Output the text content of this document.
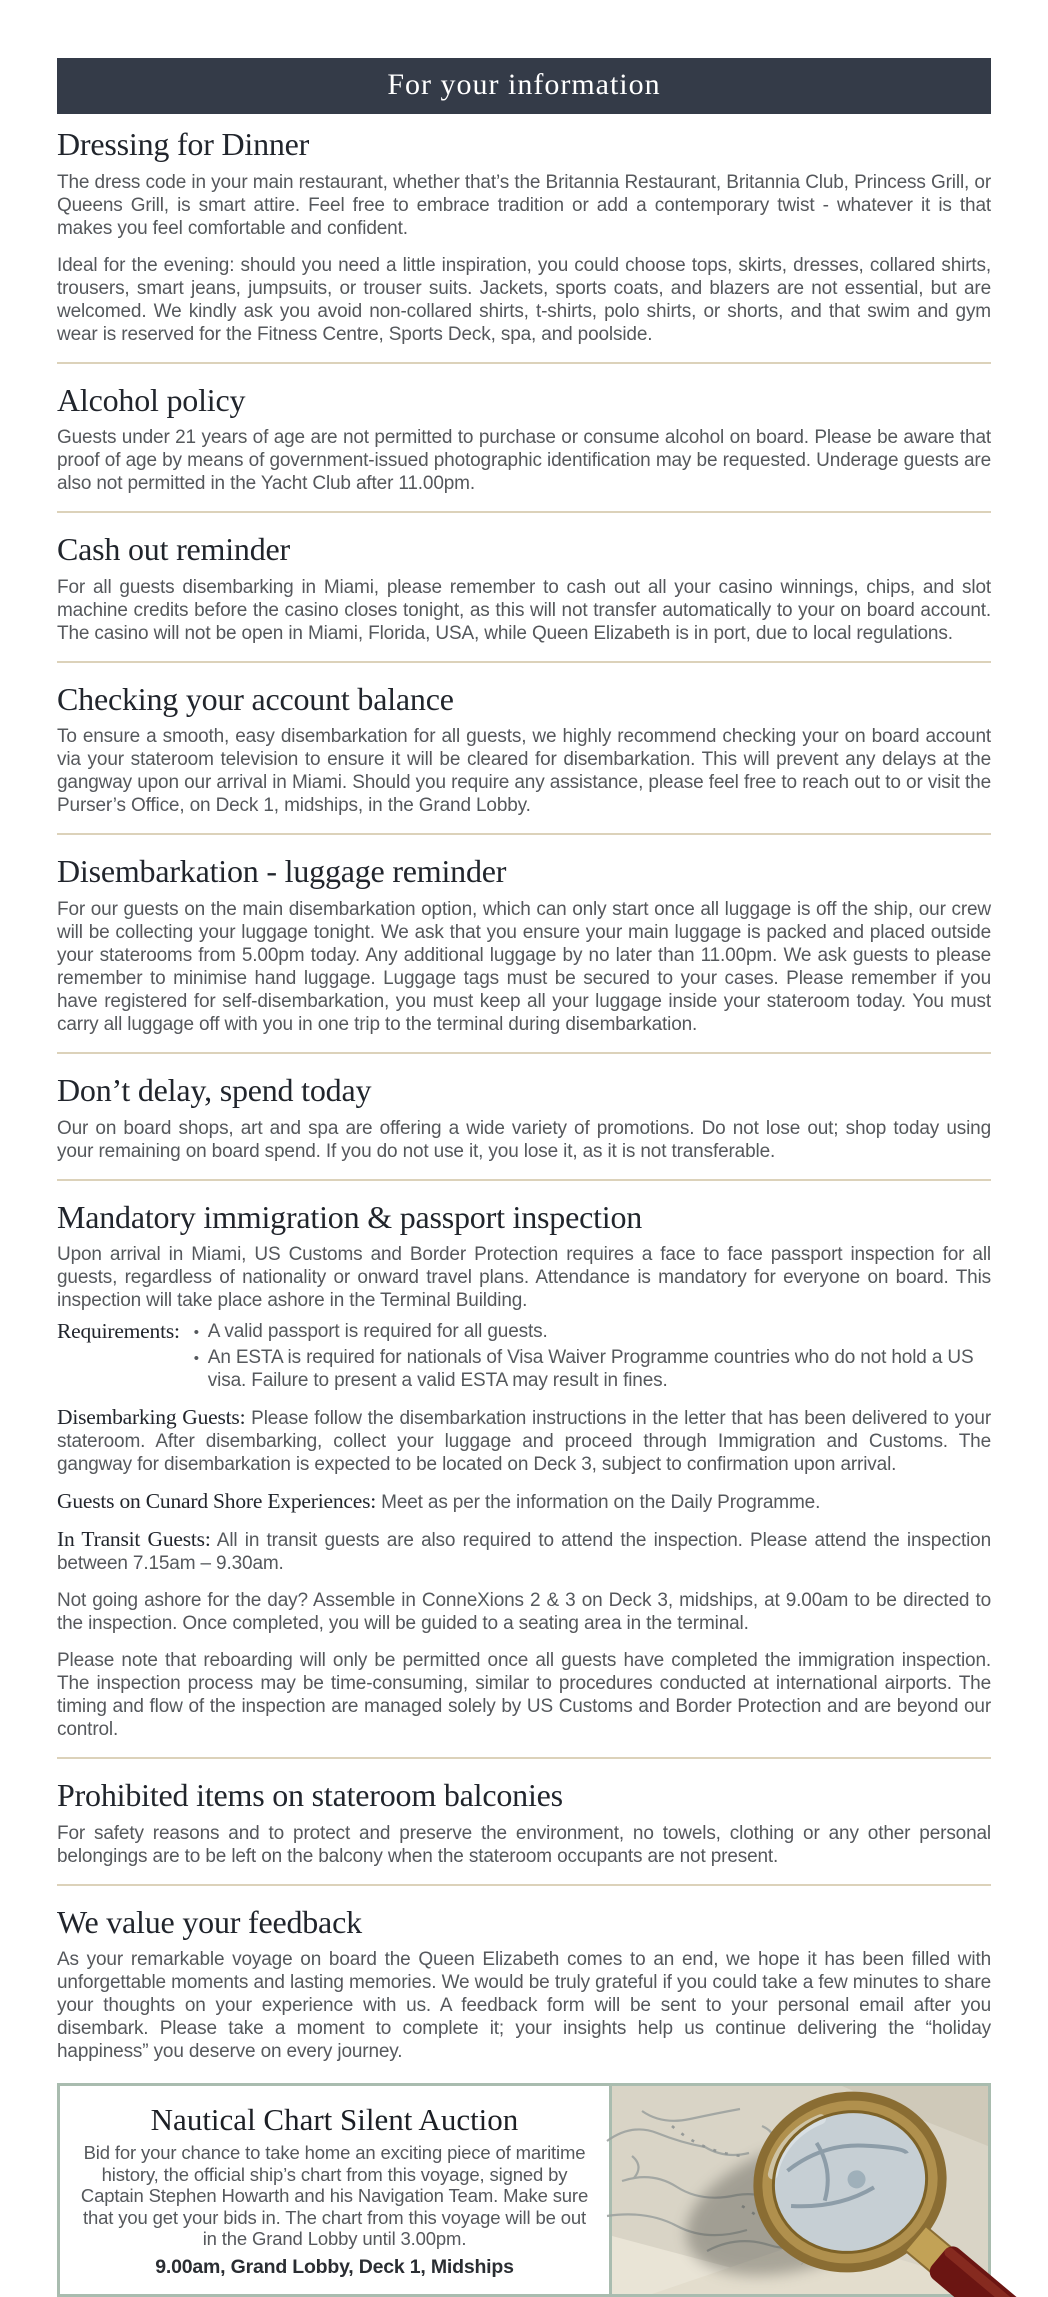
For your information
Dressing for Dinner

The dress code in your main restaurant, whether that’s the Britannia Restaurant, Britannia Club, Princess Grill, or Queens Grill, is smart attire. Feel free to embrace tradition or add a contemporary twist - whatever it is that makes you feel comfortable and confident.

Ideal for the evening: should you need a little inspiration, you could choose tops, skirts, dresses, collared shirts, trousers, smart jeans, jumpsuits, or trouser suits. Jackets, sports coats, and blazers are not essential, but are welcomed. We kindly ask you avoid non-collared shirts, t-shirts, polo shirts, or shorts, and that swim and gym wear is reserved for the Fitness Centre, Sports Deck, spa, and poolside.

Alcohol policy

Guests under 21 years of age are not permitted to purchase or consume alcohol on board. Please be aware that proof of age by means of government-issued photographic identification may be requested. Underage guests are also not permitted in the Yacht Club after 11.00pm.

Cash out reminder

For all guests disembarking in Miami, please remember to cash out all your casino winnings, chips, and slot machine credits before the casino closes tonight, as this will not transfer automatically to your on board account. The casino will not be open in Miami, Florida, USA, while Queen Elizabeth is in port, due to local regulations.

Checking your account balance

To ensure a smooth, easy disembarkation for all guests, we highly recommend checking your on board account via your stateroom television to ensure it will be cleared for disembarkation. This will prevent any delays at the gangway upon our arrival in Miami. Should you require any assistance, please feel free to reach out to or visit the Purser’s Office, on Deck 1, midships, in the Grand Lobby.

Disembarkation - luggage reminder

For our guests on the main disembarkation option, which can only start once all luggage is off the ship, our crew will be collecting your luggage tonight. We ask that you ensure your main luggage is packed and placed outside your staterooms from 5.00pm today. Any additional luggage by no later than 11.00pm. We ask guests to please remember to minimise hand luggage. Luggage tags must be secured to your cases. Please remember if you have registered for self-disembarkation, you must keep all your luggage inside your stateroom today. You must carry all luggage off with you in one trip to the terminal during disembarkation.

Don’t delay, spend today

Our on board shops, art and spa are offering a wide variety of promotions. Do not lose out; shop today using your remaining on board spend. If you do not use it, you lose it, as it is not transferable.

Mandatory immigration & passport inspection

Upon arrival in Miami, US Customs and Border Protection requires a face to face passport inspection for all guests, regardless of nationality or onward travel plans. Attendance is mandatory for everyone on board. This inspection will take place ashore in the Terminal Building.

Requirements: • A valid passport is required for all guests.
•
An ESTA is required for nationals of Visa Waiver Programme countries who do not hold a US visa. Failure to present a valid ESTA may result in fines.

Disembarking Guests: Please follow the disembarkation instructions in the letter that has been delivered to your stateroom. After disembarking, collect your luggage and proceed through Immigration and Customs. The gangway for disembarkation is expected to be located on Deck 3, subject to confirmation upon arrival.

Guests on Cunard Shore Experiences: Meet as per the information on the Daily Programme.

In Transit Guests: All in transit guests are also required to attend the inspection. Please attend the inspection between 7.15am – 9.30am.

Not going ashore for the day? Assemble in ConneXions 2 & 3 on Deck 3, midships, at 9.00am to be directed to the inspection. Once completed, you will be guided to a seating area in the terminal.

Please note that reboarding will only be permitted once all guests have completed the immigration inspection. The inspection process may be time-consuming, similar to procedures conducted at international airports. The timing and flow of the inspection are managed solely by US Customs and Border Protection and are beyond our control.

Prohibited items on stateroom balconies

For safety reasons and to protect and preserve the environment, no towels, clothing or any other personal belongings are to be left on the balcony when the stateroom occupants are not present.

We value your feedback

As your remarkable voyage on board the Queen Elizabeth comes to an end, we hope it has been filled with unforgettable moments and lasting memories. We would be truly grateful if you could take a few minutes to share your thoughts on your experience with us. A feedback form will be sent to your personal email after you disembark. Please take a moment to complete it; your insights help us continue delivering the “holiday happiness” you deserve on every journey.

Nautical Chart Silent Auction
Bid for your chance to take home an exciting piece of maritime history, the official ship’s chart from this voyage, signed by Captain Stephen Howarth and his Navigation Team. Make sure that you get your bids in. The chart from this voyage will be out in the Grand Lobby until 3.00pm.
9.00am, Grand Lobby, Deck 1, Midships
